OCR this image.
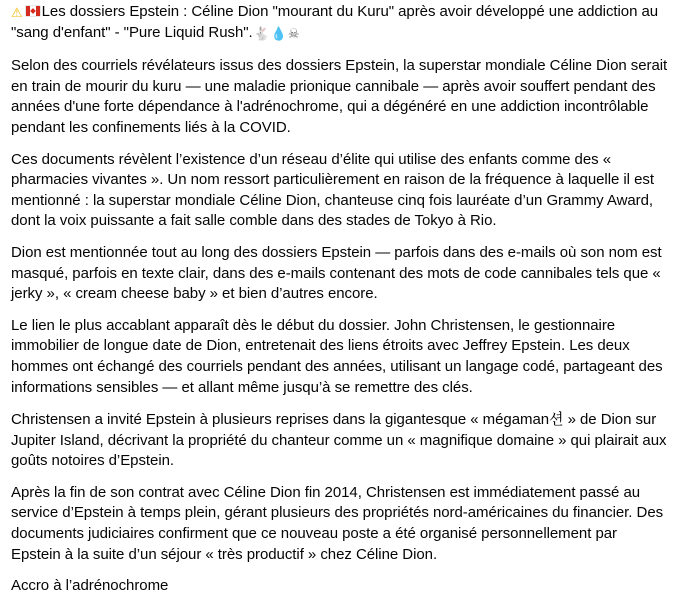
⚠ Les dossiers Epstein : Céline Dion "mourant du Kuru" après avoir développé une addiction au "sang d'enfant" - "Pure Liquid Rush".🐇💧☠

Selon des courriels révélateurs issus des dossiers Epstein, la superstar mondiale Céline Dion serait en train de mourir du kuru — une maladie prionique cannibale — après avoir souffert pendant des années d'une forte dépendance à l'adrénochrome, qui a dégénéré en une addiction incontrôlable pendant les confinements liés à la COVID.

Ces documents révèlent l’existence d’un réseau d’élite qui utilise des enfants comme des « pharmacies vivantes ». Un nom ressort particulièrement en raison de la fréquence à laquelle il est mentionné : la superstar mondiale Céline Dion, chanteuse cinq fois lauréate d’un Grammy Award, dont la voix puissante a fait salle comble dans des stades de Tokyo à Rio.

Dion est mentionnée tout au long des dossiers Epstein — parfois dans des e-mails où son nom est masqué, parfois en texte clair, dans des e-mails contenant des mots de code cannibales tels que « jerky », « cream cheese baby » et bien d’autres encore.

Le lien le plus accablant apparaît dès le début du dossier. John Christensen, le gestionnaire immobilier de longue date de Dion, entretenait des liens étroits avec Jeffrey Epstein. Les deux hommes ont échangé des courriels pendant des années, utilisant un langage codé, partageant des informations sensibles — et allant même jusqu’à se remettre des clés.

Christensen a invité Epstein à plusieurs reprises dans la gigantesque « mégaman션 » de Dion sur Jupiter Island, décrivant la propriété du chanteur comme un « magnifique domaine » qui plairait aux goûts notoires d’Epstein.

Après la fin de son contrat avec Céline Dion fin 2014, Christensen est immédiatement passé au service d’Epstein à temps plein, gérant plusieurs des propriétés nord-américaines du financier. Des documents judiciaires confirment que ce nouveau poste a été organisé personnellement par Epstein à la suite d’un séjour « très productif » chez Céline Dion.

Accro à l’adrénochrome
